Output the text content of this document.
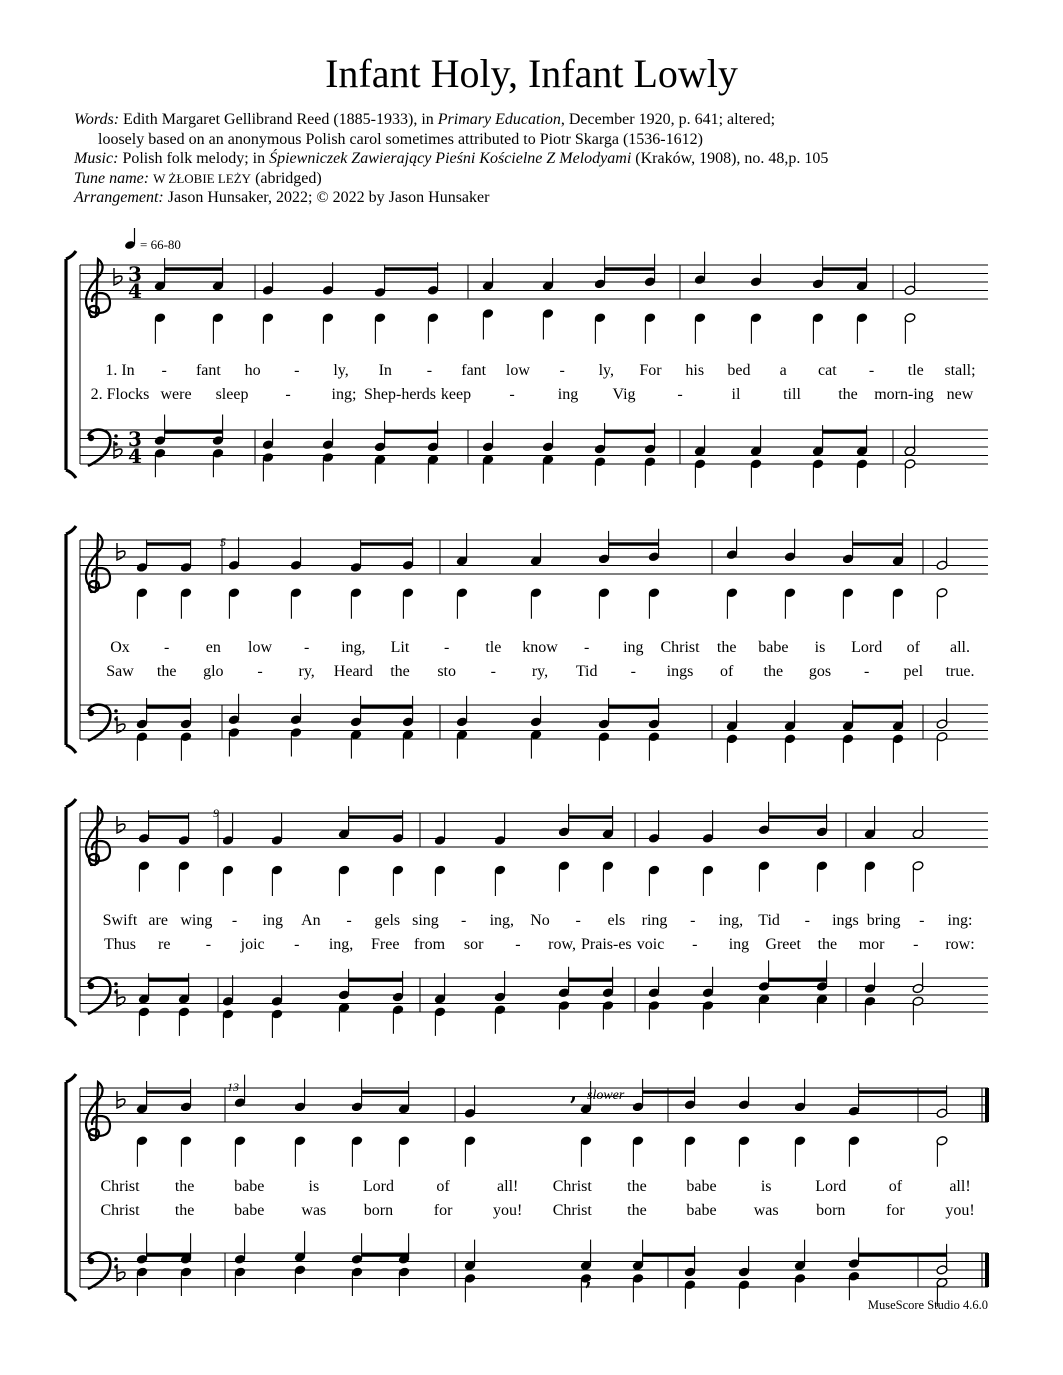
Infant Holy, Infant Lowly
Words: Edith Margaret Gellibrand Reed (1885-1933), in Primary Education, December 1920, p. 641; altered;
loosely based on an anonymous Polish carol sometimes attributed to Piotr Skarga (1536-1612)
Music: Polish folk melody; in Śpiewniczek Zawierający Pieśni Kościelne Z Melodyami (Kraków, 1908), no. 48,p. 105
Tune name: W ŻŁOBIE LEŻY (abridged)
Arrangement: Jason Hunsaker, 2022; © 2022 by Jason Hunsaker
3
4
3
4
,
,
1. In - fant ho - ly, In - fant low - ly, For his bed a cat - tle stall;
2. Flocks were sleep -	ing; Shep-herds keep -	ing Vig	-	il	till the morn-ing new
Ox - en low - ing, Lit - tle know - ing Christ the babe is Lord of all.
Saw the glo - ry, Heard the sto - ry, Tid - ings of the gos - pel true.
Swift are wing - ing An - gels sing - ing, No - els ring - ing, Tid - ings bring - ing:
Thus re - joic - ing, Free from sor - row, Prais-es voic - ing Greet the mor - row:
Christ the babe	is	Lord	of	all! Christ the babe	is	Lord	of	all!
Christ the babe was born	for	you! Christ the babe was born	for	you!
= 66-80
5
9
13
slower
MuseScore Studio 4.6.0
